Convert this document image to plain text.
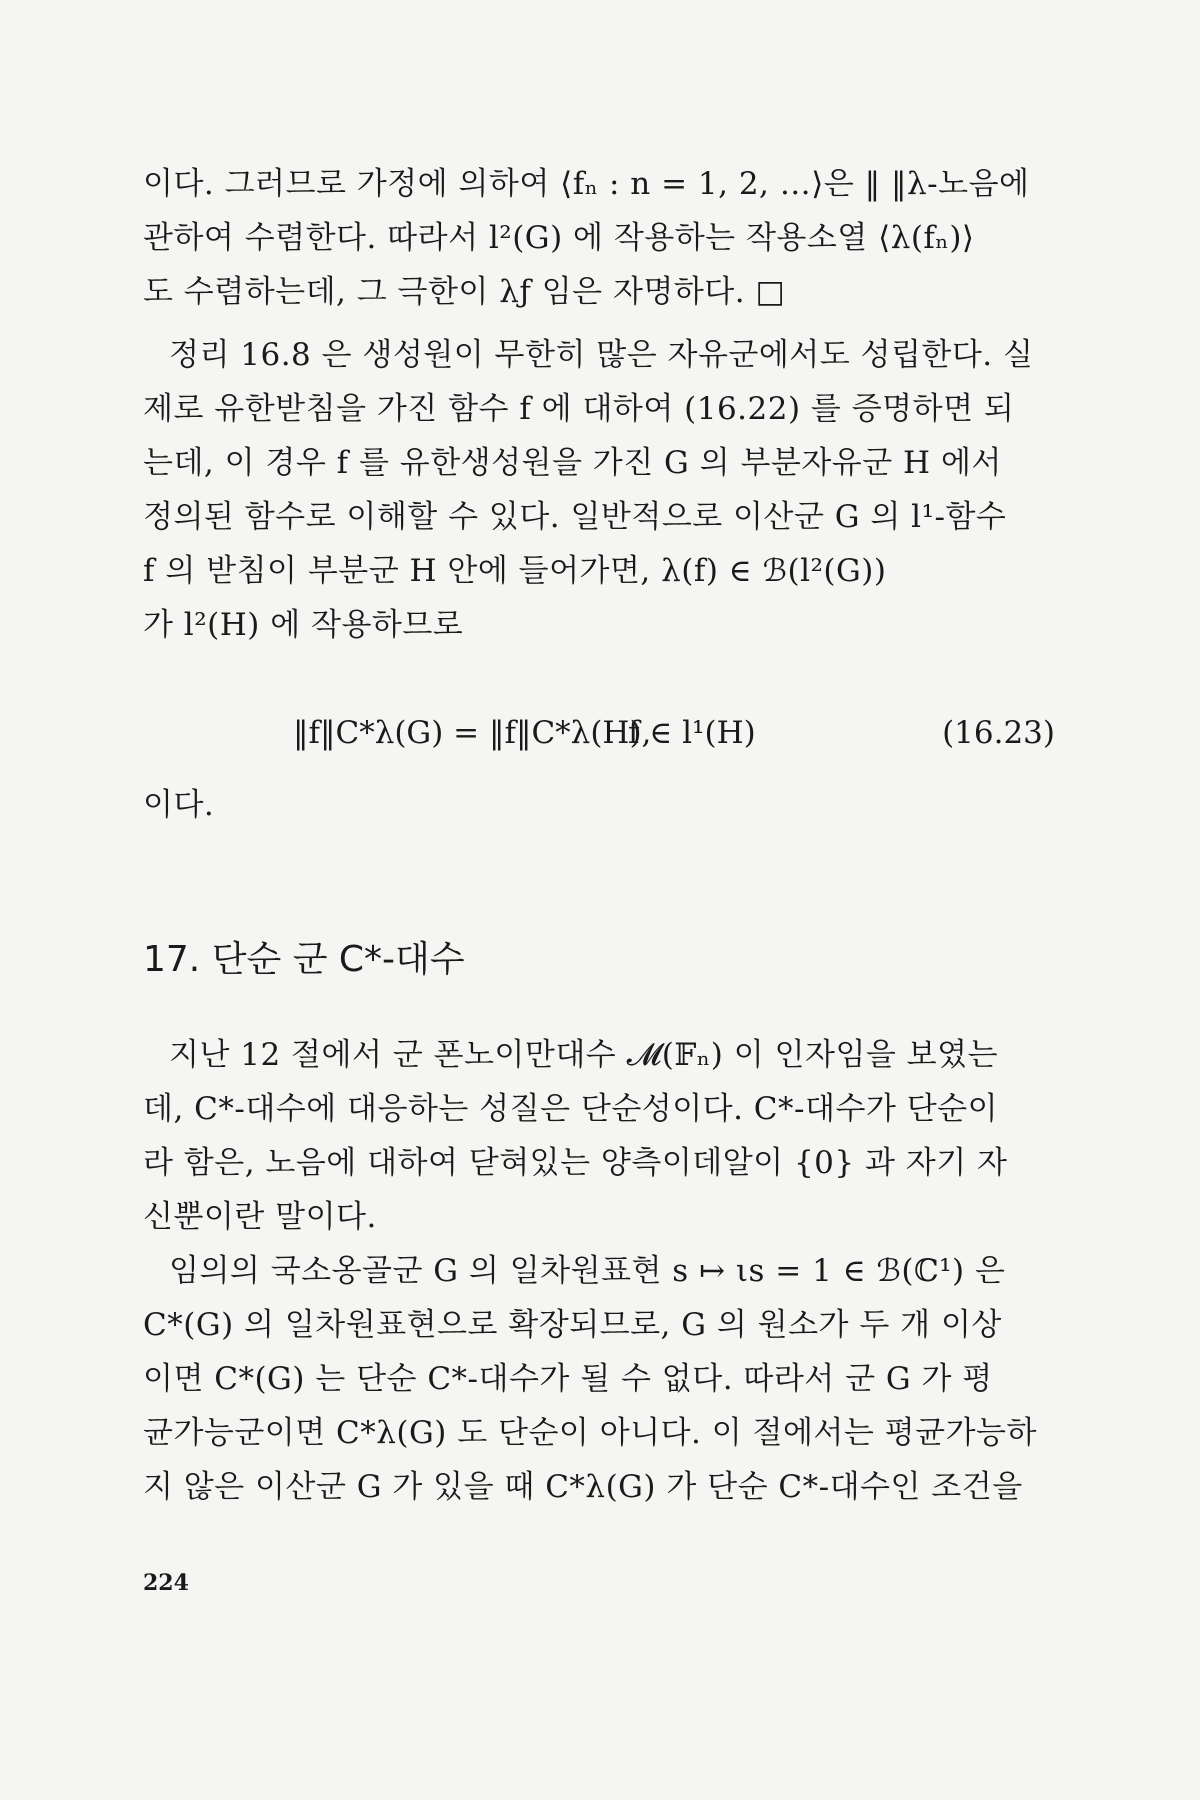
이다. 그러므로 가정에 의하여 ⟨fₙ : n = 1, 2, …⟩은 ‖ ‖λ-노음에
관하여 수렴한다. 따라서 l²(G) 에 작용하는 작용소열 ⟨λ(fₙ)⟩
도 수렴하는데, 그 극한이 λƒ 임은 자명하다. □
정리 16.8 은 생성원이 무한히 많은 자유군에서도 성립한다. 실
제로 유한받침을 가진 함수 f 에 대하여 (16.22) 를 증명하면 되
는데, 이 경우 f 를 유한생성원을 가진 G 의 부분자유군 H 에서
정의된 함수로 이해할 수 있다. 일반적으로 이산군 G 의 l¹-함수
f 의 받침이 부분군 H 안에 들어가면, λ(f) ∈ ℬ(l²(G))
가 l²(H) 에 작용하므로
‖f‖C*λ(G) = ‖f‖C*λ(H),
f ∈ l¹(H)	(16.23)
이다.
17. 단순 군 C*-대수
지난 12 절에서 군 폰노이만대수 𝓜(𝔽ₙ) 이 인자임을 보였는
데, C*-대수에 대응하는 성질은 단순성이다. C*-대수가 단순이
라 함은, 노음에 대하여 닫혀있는 양측이데알이 {0} 과 자기 자
신뿐이란 말이다.
임의의 국소옹골군 G 의 일차원표현 s ↦ ιs = 1 ∈ ℬ(ℂ¹) 은
C*(G) 의 일차원표현으로 확장되므로, G 의 원소가 두 개 이상
이면 C*(G) 는 단순 C*-대수가 될 수 없다. 따라서 군 G 가 평
균가능군이면 C*λ(G) 도 단순이 아니다. 이 절에서는 평균가능하
지 않은 이산군 G 가 있을 때 C*λ(G) 가 단순 C*-대수인 조건을
224
